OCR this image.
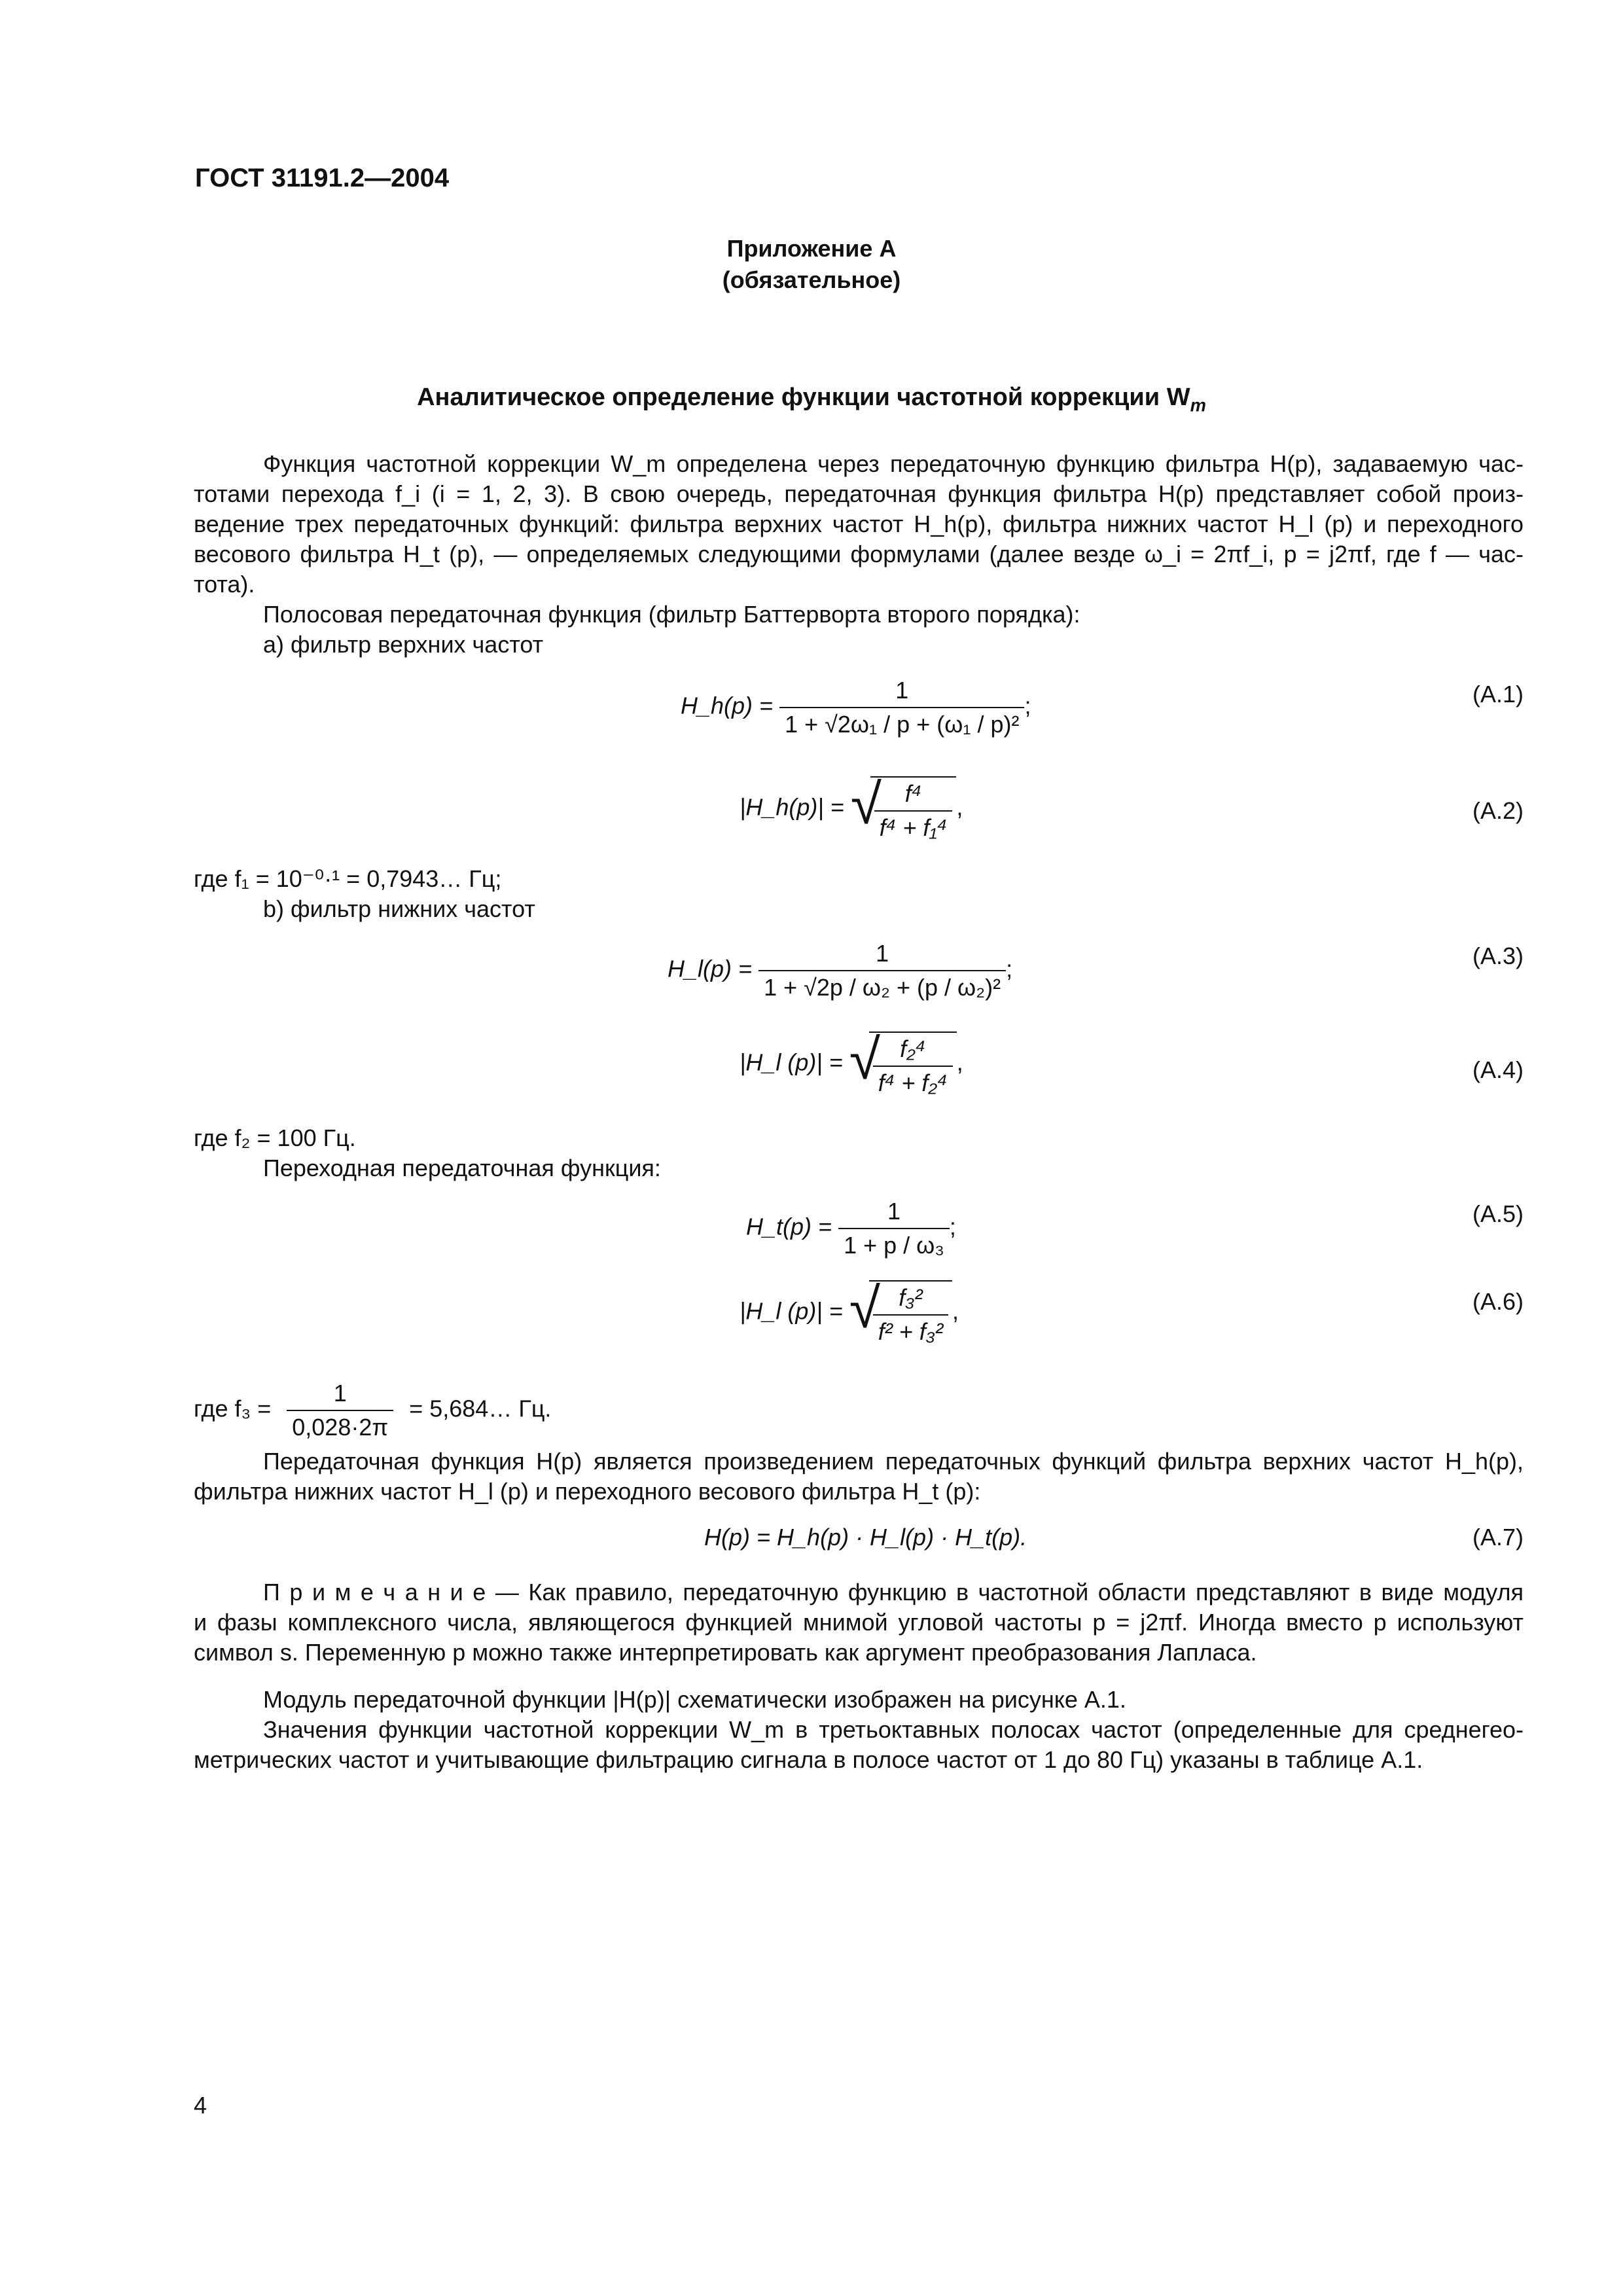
ГОСТ 31191.2—2004
Приложение А
(обязательное)
Аналитическое определение функции частотной коррекции $W_m$
Функция частотной коррекции W_m определена через передаточную функцию фильтра H(p), задаваемую час-
тотами перехода f_i (i = 1, 2, 3). В свою очередь, передаточная функция фильтра H(p) представляет собой произ-
ведение трех передаточных функций: фильтра верхних частот H_h(p), фильтра нижних частот H_l (p) и переходного
весового фильтра H_t (p), — определяемых следующими формулами (далее везде ω_i = 2πf_i, p = j2πf, где f — час-
тота).
Полосовая передаточная функция (фильтр Баттерворта второго порядка):
а) фильтр верхних частот
H_h(p) = $\frac{1}{\text{1 + √2ω₁ / p + (ω₁ / p)²}}$ ;	(А.1)
|H_h(p)| = √
$\frac{\text{f⁴}}{\text{f⁴ + f₁⁴}}$ ,	(А.2)
где f₁ = 10⁻⁰·¹ = 0,7943… Гц;
b) фильтр нижних частот
H_l(p) = $\frac{1}{\text{1 + √2p / ω₂ + (p / ω₂)²}}$ ;	(А.3)
|H_l (p)| = √
$\frac{\text{f₂⁴}}{\text{f⁴ + f₂⁴}}$ ,	(А.4)
где f₂ = 100 Гц.
Переходная передаточная функция:
H_t(p) = $\frac{1}{\text{1 + p / ω₃}}$ ;	(А.5)
|H_l (p)| = √
$\frac{\text{f₃²}}{\text{f² + f₃²}}$ ,	(А.6)
где $f_3 = \frac{1}{0,028\cdot 2\pi}$ = 5,684… Гц.
Передаточная функция H(p) является произведением передаточных функций фильтра верхних частот H_h(p),
фильтра нижних частот H_l (p) и переходного весового фильтра H_t (p):
H(p) = H_h(p) · H_l(p) · H_t(p).	(А.7)
П р и м е ч а н и е — Как правило, передаточную функцию в частотной области представляют в виде модуля
и фазы комплексного числа, являющегося функцией мнимой угловой частоты p = j2πf. Иногда вместо p используют
символ s. Переменную p можно также интерпретировать как аргумент преобразования Лапласа.
Модуль передаточной функции |H(p)| схематически изображен на рисунке А.1.
Значения функции частотной коррекции W_m в третьоктавных полосах частот (определенные для среднегео-
метрических частот и учитывающие фильтрацию сигнала в полосе частот от 1 до 80 Гц) указаны в таблице А.1.
4
